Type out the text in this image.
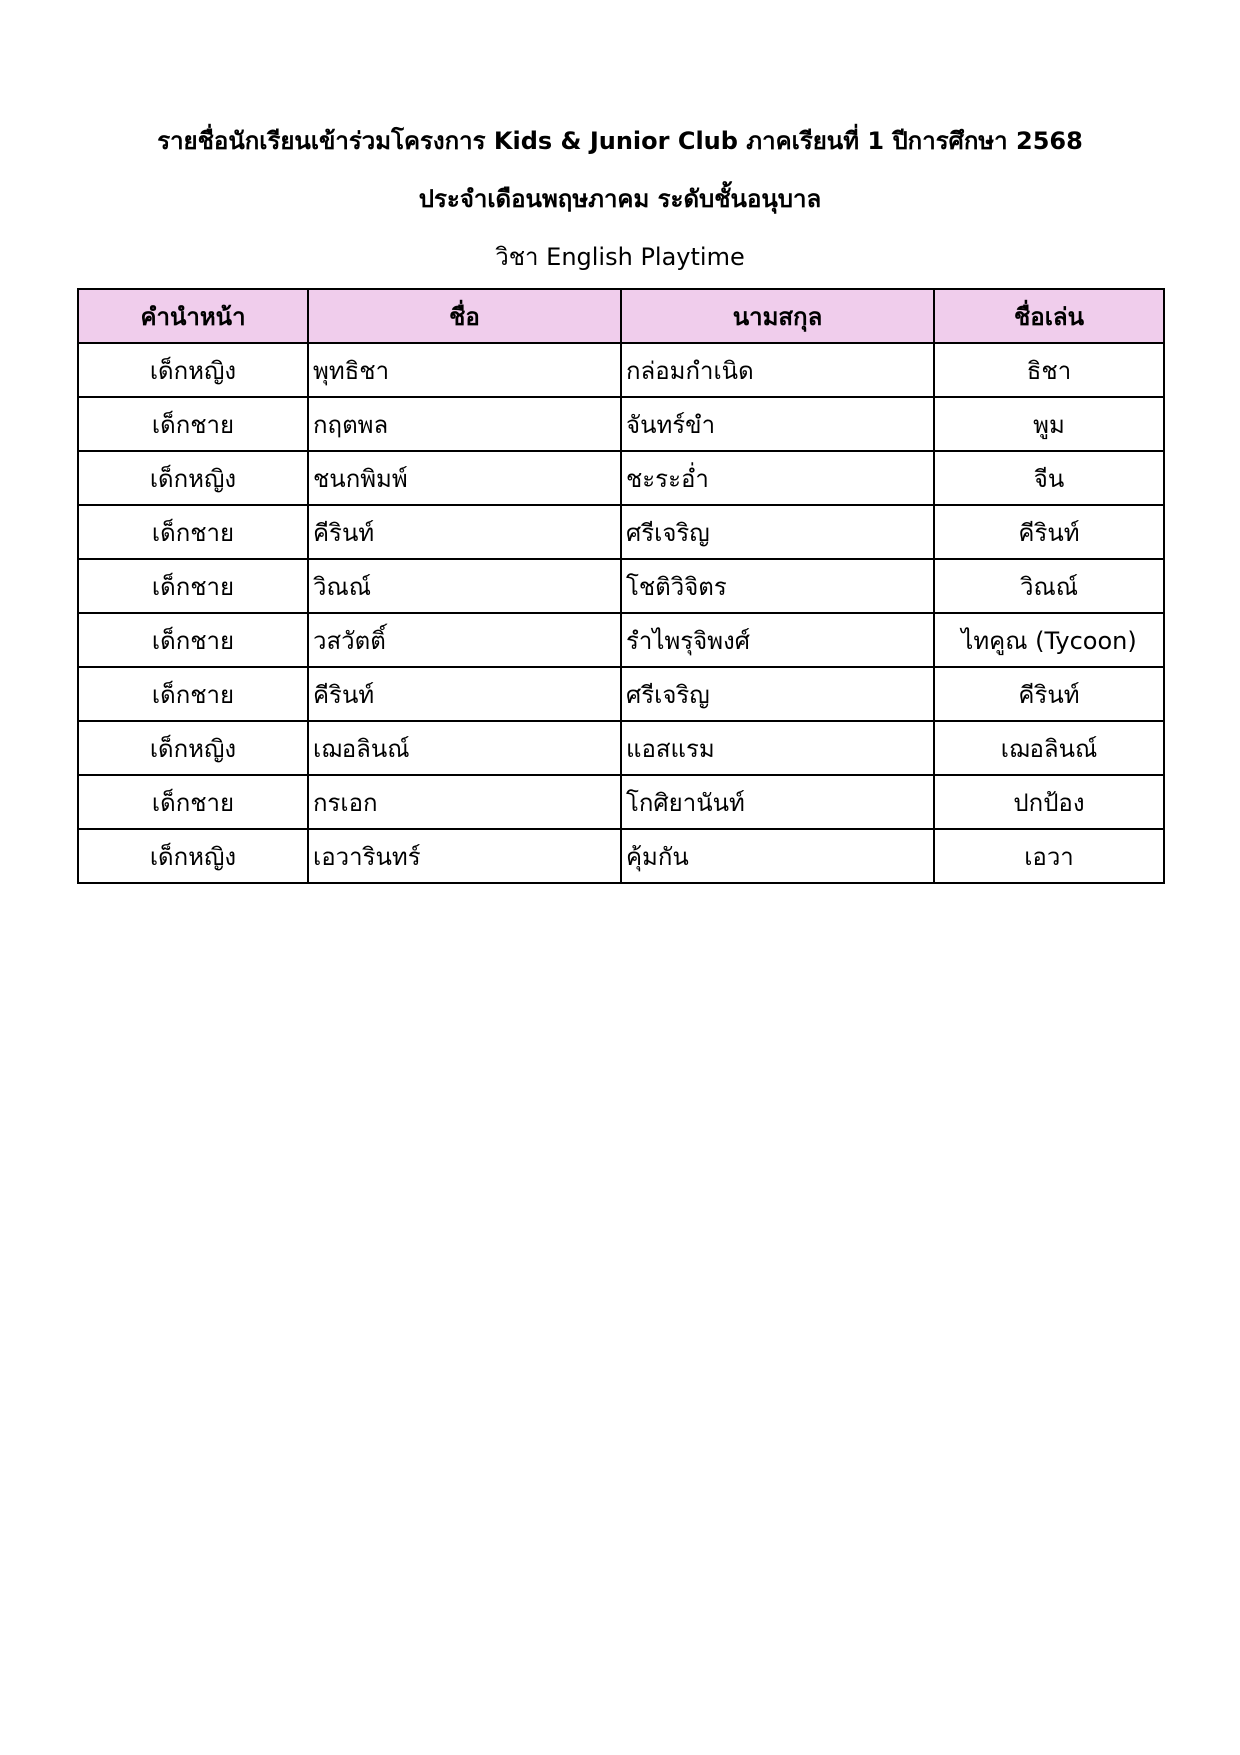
รายชื่อนักเรียนเข้าร่วมโครงการ Kids & Junior Club ภาคเรียนที่ 1 ปีการศึกษา 2568

ประจำเดือนพฤษภาคม ระดับชั้นอนุบาล

วิชา English Playtime

คำนำหน้า	ชื่อ	นามสกุล	ชื่อเล่น
เด็กหญิง	พุทธิชา	กล่อมกำเนิด	ธิชา
เด็กชาย	กฤตพล	จันทร์ขำ	พูม
เด็กหญิง	ชนกพิมพ์	ชะระอ่ำ	จีน
เด็กชาย	คีรินท์	ศรีเจริญ	คีรินท์
เด็กชาย	วิณณ์	โชติวิจิตร	วิณณ์
เด็กชาย	วสวัตติ์	รำไพรุจิพงศ์	ไทคูณ (Tycoon)
เด็กชาย	คีรินท์	ศรีเจริญ	คีรินท์
เด็กหญิง	เฌอลินณ์	แอสแรม	เฌอลินณ์
เด็กชาย	กรเอก	โกศิยานันท์	ปกป้อง
เด็กหญิง	เอวารินทร์	คุ้มกัน	เอวา
